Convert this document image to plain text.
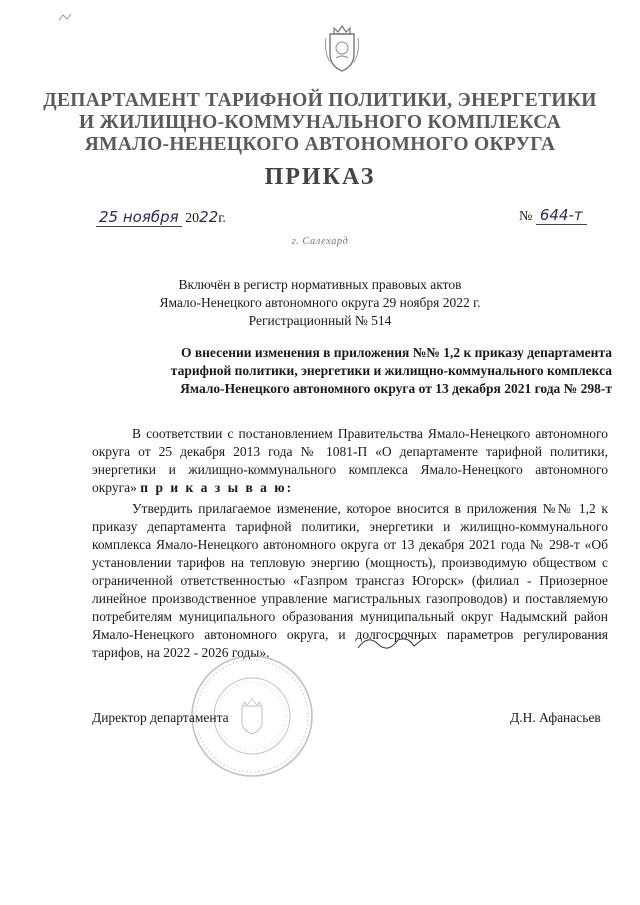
ДЕПАРТАМЕНТ ТАРИФНОЙ ПОЛИТИКИ, ЭНЕРГЕТИКИ
И ЖИЛИЩНО-КОММУНАЛЬНОГО КОМПЛЕКСА
ЯМАЛО-НЕНЕЦКОГО АВТОНОМНОГО ОКРУГА
ПРИКАЗ
25 ноября 2022г.	№ 644-т
г. Салехард
Включён в регистр нормативных правовых актов
Ямало-Ненецкого автономного округа 29 ноября 2022 г.
Регистрационный № 514
О внесении изменения в приложения №№ 1,2 к приказу департамента
тарифной политики, энергетики и жилищно-коммунального комплекса
Ямало-Ненецкого автономного округа от 13 декабря 2021 года № 298-т
В соответствии с постановлением Правительства Ямало-Ненецкого автономного округа от 25 декабря 2013 года № 1081-П «О департаменте тарифной политики, энергетики и жилищно-коммунального комплекса Ямало-Ненецкого автономного округа» п р и к а з ы в а ю:
Утвердить прилагаемое изменение, которое вносится в приложения №№ 1,2 к приказу департамента тарифной политики, энергетики и жилищно-коммунального комплекса Ямало-Ненецкого автономного округа от 13 декабря 2021 года № 298-т «Об установлении тарифов на тепловую энергию (мощность), производимую обществом с ограниченной ответственностью «Газпром трансгаз Югорск» (филиал - Приозерное линейное производственное управление магистральных газопроводов) и поставляемую потребителям муниципального образования муниципальный округ Надымский район Ямало-Ненецкого автономного округа, и долгосрочных параметров регулирования тарифов, на 2022 - 2026 годы».
Директор департамента	Д.Н. Афанасьев
